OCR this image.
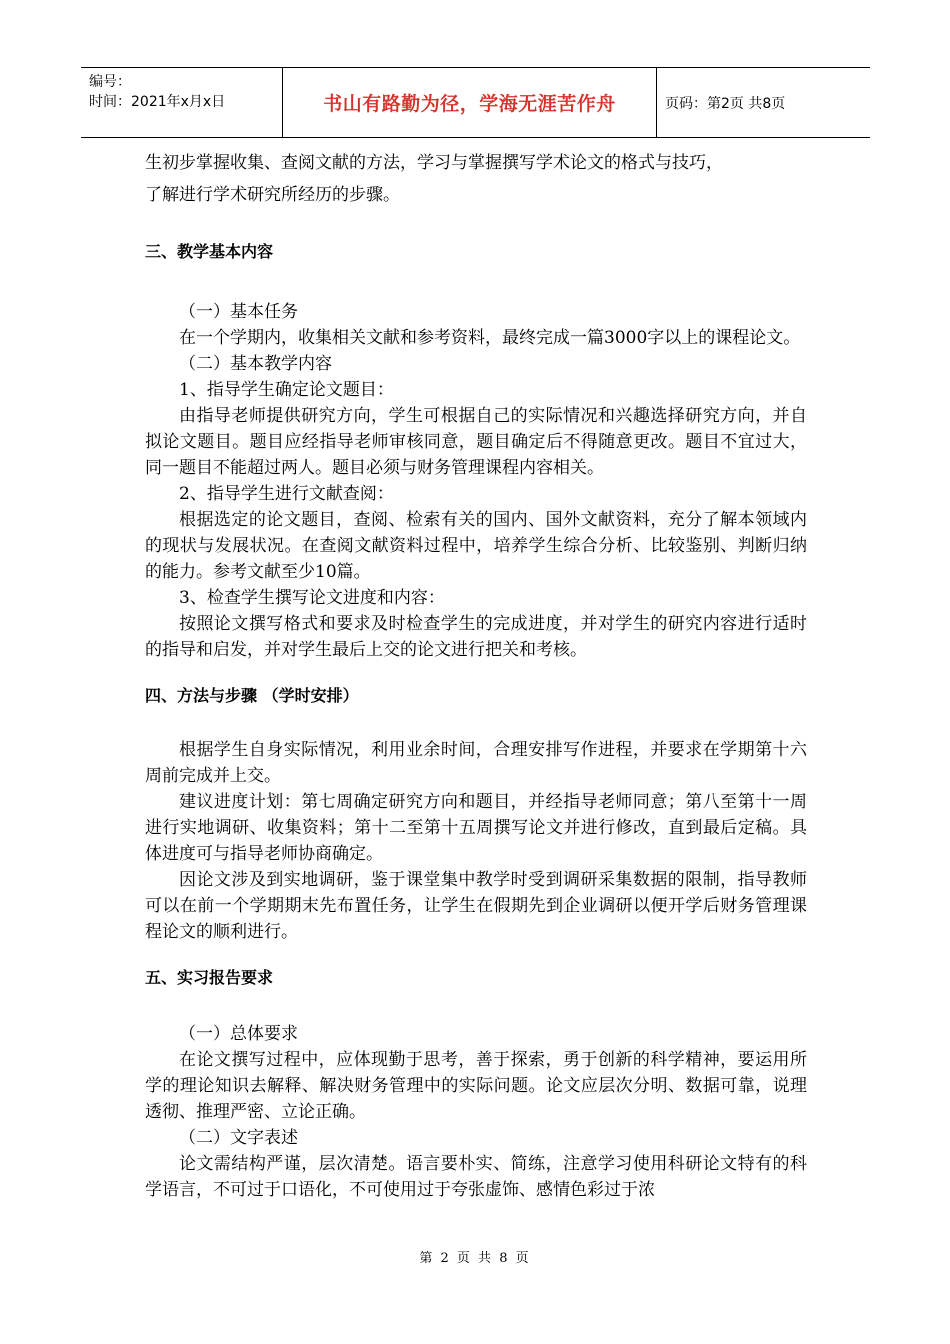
编号：
时间：2021年x月x日	书山有路勤为径，学海无涯苦作舟	页码：第2页 共8页

生初步掌握收集、查阅文献的方法，学习与掌握撰写学术论文的格式与技巧，

了解进行学术研究所经历的步骤。

三、教学基本内容

（一）基本任务

在一个学期内，收集相关文献和参考资料，最终完成一篇3000字以上的课程论文。

（二）基本教学内容

1、指导学生确定论文题目：

由指导老师提供研究方向，学生可根据自己的实际情况和兴趣选择研究方向，并自拟论文题目。题目应经指导老师审核同意，题目确定后不得随意更改。题目不宜过大，同一题目不能超过两人。题目必须与财务管理课程内容相关。

2、指导学生进行文献查阅：

根据选定的论文题目，查阅、检索有关的国内、国外文献资料，充分了解本领域内的现状与发展状况。在查阅文献资料过程中，培养学生综合分析、比较鉴别、判断归纳的能力。参考文献至少10篇。

3、检查学生撰写论文进度和内容：

按照论文撰写格式和要求及时检查学生的完成进度，并对学生的研究内容进行适时的指导和启发，并对学生最后上交的论文进行把关和考核。

四、方法与步骤 （学时安排）

根据学生自身实际情况，利用业余时间，合理安排写作进程，并要求在学期第十六周前完成并上交。

建议进度计划：第七周确定研究方向和题目，并经指导老师同意；第八至第十一周进行实地调研、收集资料；第十二至第十五周撰写论文并进行修改，直到最后定稿。具体进度可与指导老师协商确定。

因论文涉及到实地调研，鉴于课堂集中教学时受到调研采集数据的限制，指导教师可以在前一个学期期末先布置任务，让学生在假期先到企业调研以便开学后财务管理课程论文的顺利进行。

五、实习报告要求

（一）总体要求

在论文撰写过程中，应体现勤于思考，善于探索，勇于创新的科学精神，要运用所学的理论知识去解释、解决财务管理中的实际问题。论文应层次分明、数据可靠，说理透彻、推理严密、立论正确。

（二）文字表述

论文需结构严谨，层次清楚。语言要朴实、简练，注意学习使用科研论文特有的科学语言，不可过于口语化，不可使用过于夸张虚饰、感情色彩过于浓

第 2 页 共 8 页
